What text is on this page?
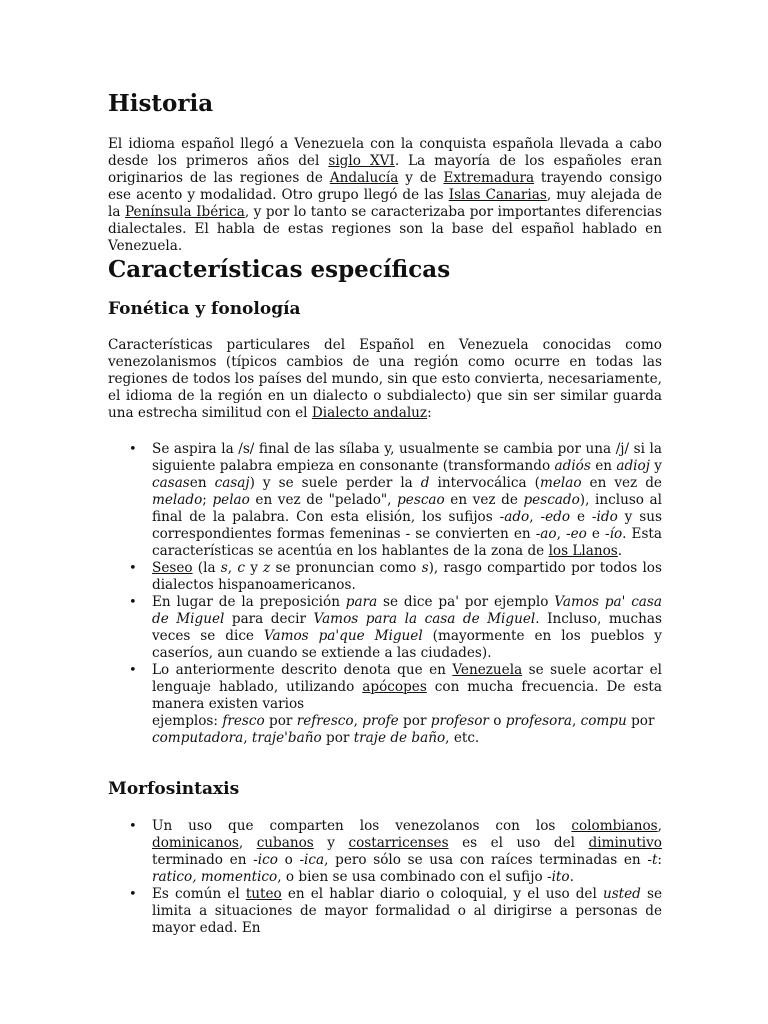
Historia

El idioma español llegó a Venezuela con la conquista española llevada a cabo desde los primeros años del siglo XVI. La mayoría de los españoles eran originarios de las regiones de Andalucía y de Extremadura trayendo consigo ese acento y modalidad. Otro grupo llegó de las Islas Canarias, muy alejada de la Península Ibérica, y por lo tanto se caracterizaba por importantes diferencias dialectales. El habla de estas regiones son la base del español hablado en Venezuela.

Características específicas
Fonética y fonología

Características particulares del Español en Venezuela conocidas como venezolanismos (típicos cambios de una región como ocurre en todas las regiones de todos los países del mundo, sin que esto convierta, necesariamente, el idioma de la región en un dialecto o subdialecto) que sin ser similar guarda una estrecha similitud con el Dialecto andaluz:

• Se aspira la /s/ final de las sílaba y, usualmente se cambia por una /j/ si la siguiente palabra empieza en consonante (transformando adiós en adioj y casasen casaj) y se suele perder la d intervocálica (melao en vez de melado; pelao en vez de "pelado", pescao en vez de pescado), incluso al final de la palabra. Con esta elisión, los sufijos -ado, -edo e -ido y sus correspondientes formas femeninas - se convierten en -ao, -eo e -ío. Esta características se acentúa en los hablantes de la zona de los Llanos.
• Seseo (la s, c y z se pronuncian como s), rasgo compartido por todos los dialectos hispanoamericanos.
• En lugar de la preposición para se dice pa' por ejemplo Vamos pa' casa de Miguel para decir Vamos para la casa de Miguel. Incluso, muchas veces se dice Vamos pa'que Miguel (mayormente en los pueblos y caseríos, aun cuando se extiende a las ciudades).
• Lo anteriormente descrito denota que en Venezuela se suele acortar el lenguaje hablado, utilizando apócopes con mucha frecuencia. De esta manera existen varios
ejemplos: fresco por refresco, profe por profesor o profesora, compu por computadora, traje'baño por traje de baño, etc.
Morfosintaxis
• Un uso que comparten los venezolanos con los colombianos, dominicanos, cubanos y costarricenses es el uso del diminutivo terminado en -ico o -ica, pero sólo se usa con raíces terminadas en -t: ratico, momentico, o bien se usa combinado con el sufijo -ito.
• Es común el tuteo en el hablar diario o coloquial, y el uso del usted se limita a situaciones de mayor formalidad o al dirigirse a personas de mayor edad. En
